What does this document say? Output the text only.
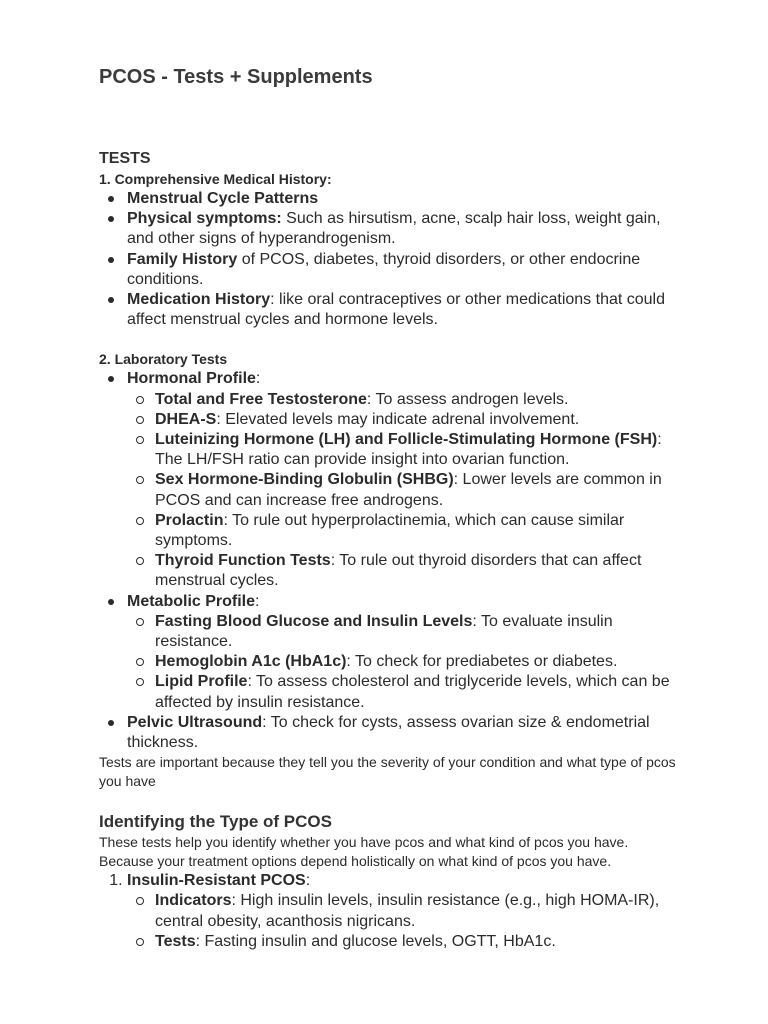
PCOS - Tests + Supplements
TESTS

1. Comprehensive Medical History:

Menstrual Cycle Patterns
Physical symptoms: Such as hirsutism, acne, scalp hair loss, weight gain, and other signs of hyperandrogenism.
Family History of PCOS, diabetes, thyroid disorders, or other endocrine conditions.
Medication History: like oral contraceptives or other medications that could affect menstrual cycles and hormone levels.

2. Laboratory Tests

Hormonal Profile:
Total and Free Testosterone: To assess androgen levels.
DHEA-S: Elevated levels may indicate adrenal involvement.
Luteinizing Hormone (LH) and Follicle-Stimulating Hormone (FSH): The LH/FSH ratio can provide insight into ovarian function.
Sex Hormone-Binding Globulin (SHBG): Lower levels are common in PCOS and can increase free androgens.
Prolactin: To rule out hyperprolactinemia, which can cause similar symptoms.
Thyroid Function Tests: To rule out thyroid disorders that can affect menstrual cycles.
Metabolic Profile:
Fasting Blood Glucose and Insulin Levels: To evaluate insulin resistance.
Hemoglobin A1c (HbA1c): To check for prediabetes or diabetes.
Lipid Profile: To assess cholesterol and triglyceride levels, which can be affected by insulin resistance.
Pelvic Ultrasound: To check for cysts, assess ovarian size & endometrial thickness.

Tests are important because they tell you the severity of your condition and what type of pcos you have

Identifying the Type of PCOS

These tests help you identify whether you have pcos and what kind of pcos you have. Because your treatment options depend holistically on what kind of pcos you have.

1. Insulin-Resistant PCOS:
Indicators: High insulin levels, insulin resistance (e.g., high HOMA-IR), central obesity, acanthosis nigricans.
Tests: Fasting insulin and glucose levels, OGTT, HbA1c.
